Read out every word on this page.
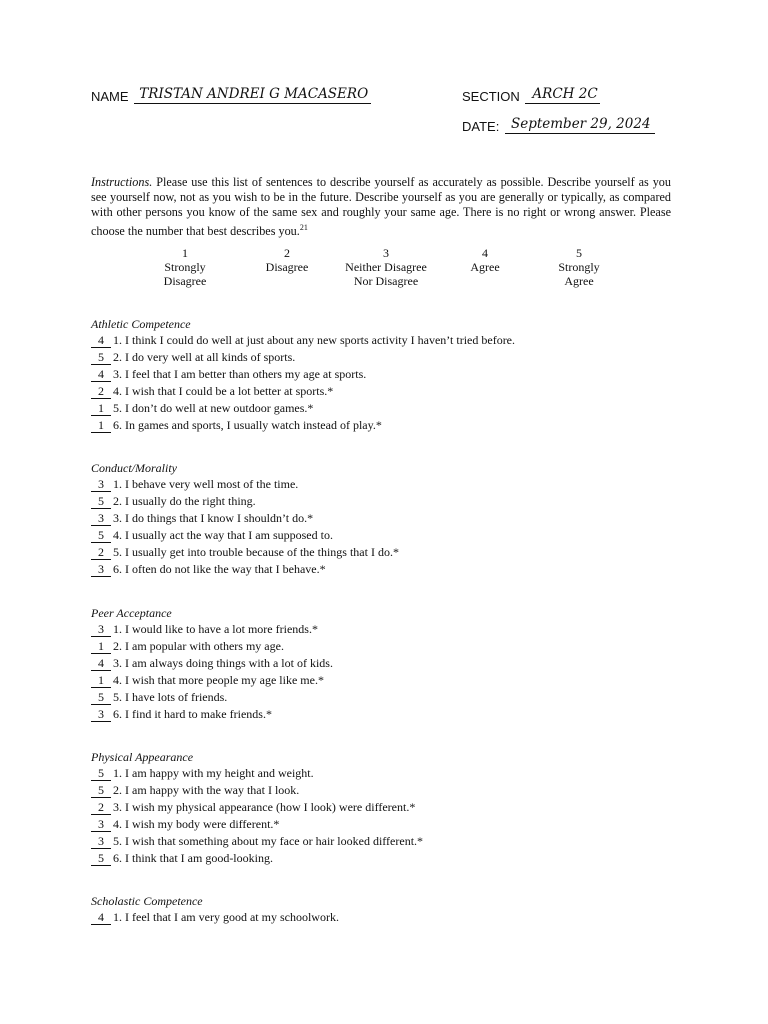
NAME TRISTAN ANDREI G MACASERO	SECTION ARCH 2C
DATE: September 29, 2024
Instructions. Please use this list of sentences to describe yourself as accurately as possible. Describe yourself as you see yourself now, not as you wish to be in the future. Describe yourself as you are generally or typically, as compared with other persons you know of the same sex and roughly your same age. There is no right or wrong answer. Please choose the number that best describes you.$^{21}$
1
Strongly
Disagree
2
Disagree
3
Neither Disagree
Nor Disagree
4
Agree
5
Strongly
Agree
Athletic Competence
4 1. I think I could do well at just about any new sports activity I haven’t tried before.
5 2. I do very well at all kinds of sports.
4 3. I feel that I am better than others my age at sports.
2 4. I wish that I could be a lot better at sports.*
1 5. I don’t do well at new outdoor games.*
1 6. In games and sports, I usually watch instead of play.*
Conduct/Morality
3 1. I behave very well most of the time.
5 2. I usually do the right thing.
3 3. I do things that I know I shouldn’t do.*
5 4. I usually act the way that I am supposed to.
2 5. I usually get into trouble because of the things that I do.*
3 6. I often do not like the way that I behave.*
Peer Acceptance
3 1. I would like to have a lot more friends.*
1 2. I am popular with others my age.
4 3. I am always doing things with a lot of kids.
1 4. I wish that more people my age like me.*
5 5. I have lots of friends.
3 6. I find it hard to make friends.*
Physical Appearance
5 1. I am happy with my height and weight.
5 2. I am happy with the way that I look.
2 3. I wish my physical appearance (how I look) were different.*
3 4. I wish my body were different.*
3 5. I wish that something about my face or hair looked different.*
5 6. I think that I am good-looking.
Scholastic Competence
4 1. I feel that I am very good at my schoolwork.
